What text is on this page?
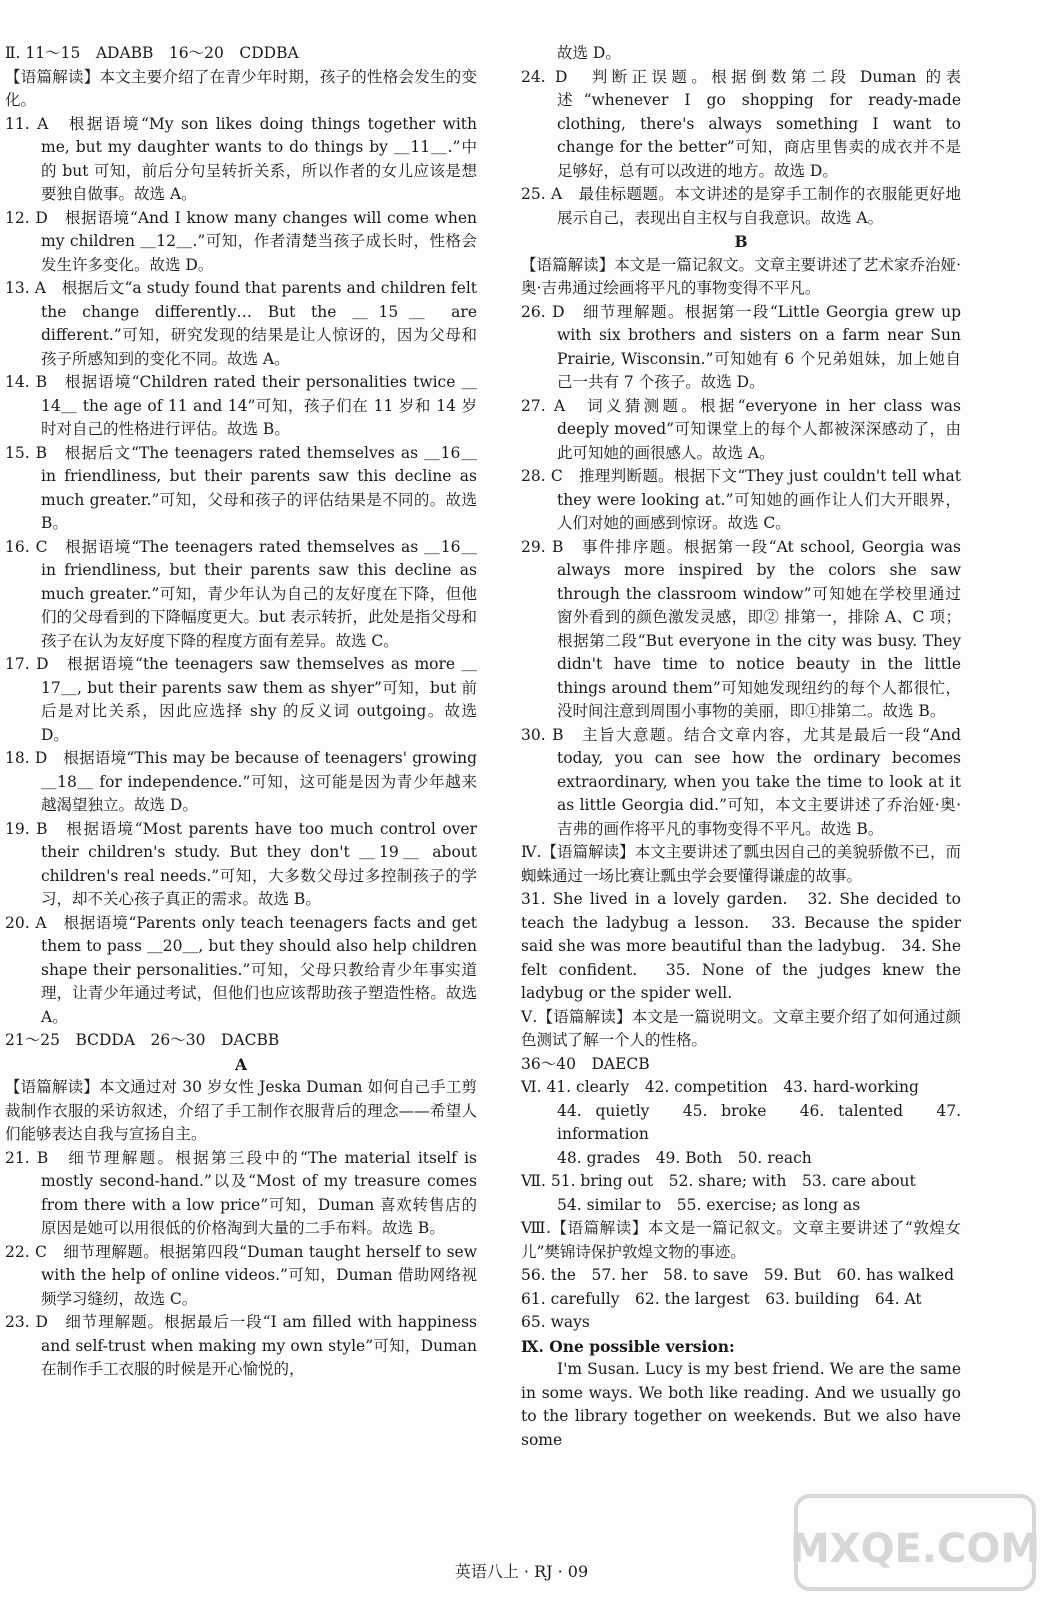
Ⅱ. 11～15　ADABB　16～20　CDDBA

【语篇解读】本文主要介绍了在青少年时期，孩子的性格会发生的变化。

11. A　根据语境“My son likes doing things together with me, but my daughter wants to do things by ＿11＿.”中的 but 可知，前后分句呈转折关系，所以作者的女儿应该是想要独自做事。故选 A。

12. D　根据语境“And I know many changes will come when my children ＿12＿.”可知，作者清楚当孩子成长时，性格会发生许多变化。故选 D。

13. A　根据后文“a study found that parents and children felt the change differently… But the ＿15＿ are different.”可知，研究发现的结果是让人惊讶的，因为父母和孩子所感知到的变化不同。故选 A。

14. B　根据语境“Children rated their personalities twice ＿14＿ the age of 11 and 14”可知，孩子们在 11 岁和 14 岁时对自己的性格进行评估。故选 B。

15. B　根据后文“The teenagers rated themselves as ＿16＿ in friendliness, but their parents saw this decline as much greater.”可知，父母和孩子的评估结果是不同的。故选 B。

16. C　根据语境“The teenagers rated themselves as ＿16＿ in friendliness, but their parents saw this decline as much greater.”可知，青少年认为自己的友好度在下降，但他们的父母看到的下降幅度更大。but 表示转折，此处是指父母和孩子在认为友好度下降的程度方面有差异。故选 C。

17. D　根据语境“the teenagers saw themselves as more ＿17＿, but their parents saw them as shyer”可知，but 前后是对比关系，因此应选择 shy 的反义词 outgoing。故选 D。

18. D　根据语境“This may be because of teenagers' growing ＿18＿ for independence.”可知，这可能是因为青少年越来越渴望独立。故选 D。

19. B　根据语境“Most parents have too much control over their children's study. But they don't ＿19＿ about children's real needs.”可知，大多数父母过多控制孩子的学习，却不关心孩子真正的需求。故选 B。

20. A　根据语境“Parents only teach teenagers facts and get them to pass ＿20＿, but they should also help children shape their personalities.”可知，父母只教给青少年事实道理，让青少年通过考试，但他们也应该帮助孩子塑造性格。故选 A。

21～25　BCDDA　26～30　DACBB

A

【语篇解读】本文通过对 30 岁女性 Jeska Duman 如何自己手工剪裁制作衣服的采访叙述，介绍了手工制作衣服背后的理念——希望人们能够表达自我与宣扬自主。

21. B　细节理解题。根据第三段中的“The material itself is mostly second-hand.”以及“Most of my treasure comes from there with a low price”可知，Duman 喜欢转售店的原因是她可以用很低的价格淘到大量的二手布料。故选 B。

22. C　细节理解题。根据第四段“Duman taught herself to sew with the help of online videos.”可知，Duman 借助网络视频学习缝纫，故选 C。

23. D　细节理解题。根据最后一段“I am filled with happiness and self-trust when making my own style”可知，Duman 在制作手工衣服的时候是开心愉悦的，

故选 D。

24. D　判断正误题。根据倒数第二段 Duman 的表述“whenever I go shopping for ready-made clothing, there's always something I want to change for the better”可知，商店里售卖的成衣并不是足够好，总有可以改进的地方。故选 D。

25. A　最佳标题题。本文讲述的是穿手工制作的衣服能更好地展示自己，表现出自主权与自我意识。故选 A。

B

【语篇解读】本文是一篇记叙文。文章主要讲述了艺术家乔治娅·奥·吉弗通过绘画将平凡的事物变得不平凡。

26. D　细节理解题。根据第一段“Little Georgia grew up with six brothers and sisters on a farm near Sun Prairie, Wisconsin.”可知她有 6 个兄弟姐妹，加上她自己一共有 7 个孩子。故选 D。

27. A　词义猜测题。根据“everyone in her class was deeply moved”可知课堂上的每个人都被深深感动了，由此可知她的画很感人。故选 A。

28. C　推理判断题。根据下文“They just couldn't tell what they were looking at.”可知她的画作让人们大开眼界，人们对她的画感到惊讶。故选 C。

29. B　事件排序题。根据第一段“At school, Georgia was always more inspired by the colors she saw through the classroom window”可知她在学校里通过窗外看到的颜色激发灵感，即② 排第一，排除 A、C 项；根据第二段“But everyone in the city was busy. They didn't have time to notice beauty in the little things around them”可知她发现纽约的每个人都很忙，没时间注意到周围小事物的美丽，即①排第二。故选 B。

30. B　主旨大意题。结合文章内容，尤其是最后一段“And today, you can see how the ordinary becomes extraordinary, when you take the time to look at it as little Georgia did.”可知，本文主要讲述了乔治娅·奥·吉弗的画作将平凡的事物变得不平凡。故选 B。

Ⅳ.【语篇解读】本文主要讲述了瓢虫因自己的美貌骄傲不已，而蜘蛛通过一场比赛让瓢虫学会要懂得谦虚的故事。

31. She lived in a lovely garden.　32. She decided to teach the ladybug a lesson.　33. Because the spider said she was more beautiful than the ladybug.　34. She felt confident.　35. None of the judges knew the ladybug or the spider well.

Ⅴ.【语篇解读】本文是一篇说明文。文章主要介绍了如何通过颜色测试了解一个人的性格。

36～40　DAECB

Ⅵ. 41. clearly　42. competition　43. hard-working

44. quietly　45. broke　46. talented　47. information

48. grades　49. Both　50. reach

Ⅶ. 51. bring out　52. share; with　53. care about

54. similar to　55. exercise; as long as

Ⅷ.【语篇解读】本文是一篇记叙文。文章主要讲述了“敦煌女儿”樊锦诗保护敦煌文物的事迹。

56. the　57. her　58. to save　59. But　60. has walked

61. carefully　62. the largest　63. building　64. At

65. ways

Ⅸ. One possible version:

I'm Susan. Lucy is my best friend. We are the same in some ways. We both like reading. And we usually go to the library together on weekends. But we also have some

英语八上 · RJ · 09	MXQE.COM
